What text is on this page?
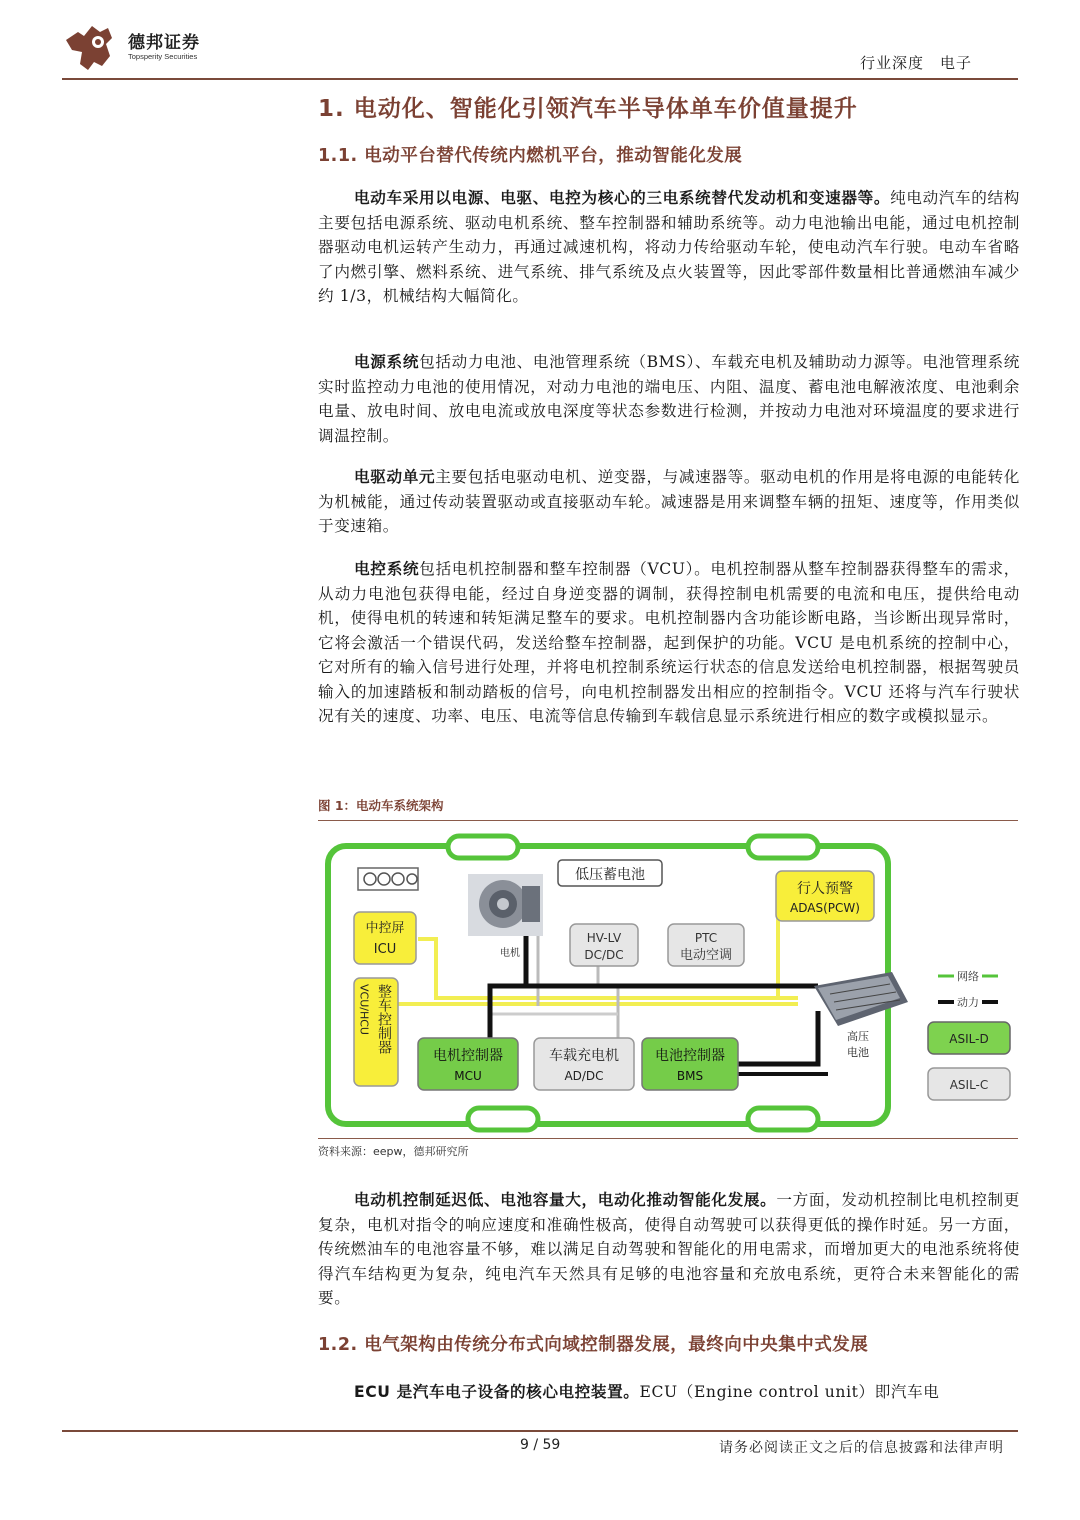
德邦证券
Topsperity Securities	行业深度　电子
1. 电动化、智能化引领汽车半导体单车价值量提升
1.1. 电动平台替代传统内燃机平台，推动智能化发展
电动车采用以电源、电驱、电控为核心的三电系统替代发动机和变速器等。纯电动汽车的结构主要包括电源系统、驱动电机系统、整车控制器和辅助系统等。动力电池输出电能，通过电机控制器驱动电机运转产生动力，再通过减速机构，将动力传给驱动车轮，使电动汽车行驶。电动车省略了内燃引擎、燃料系统、进气系统、排气系统及点火装置等，因此零部件数量相比普通燃油车减少约 1/3，机械结构大幅简化。
电源系统包括动力电池、电池管理系统（BMS）、车载充电机及辅助动力源等。电池管理系统实时监控动力电池的使用情况，对动力电池的端电压、内阻、温度、蓄电池电解液浓度、电池剩余电量、放电时间、放电电流或放电深度等状态参数进行检测，并按动力电池对环境温度的要求进行调温控制。
电驱动单元主要包括电驱动电机、逆变器，与减速器等。驱动电机的作用是将电源的电能转化为机械能，通过传动装置驱动或直接驱动车轮。减速器是用来调整车辆的扭矩、速度等，作用类似于变速箱。
电控系统包括电机控制器和整车控制器（VCU）。电机控制器从整车控制器获得整车的需求，从动力电池包获得电能，经过自身逆变器的调制，获得控制电机需要的电流和电压，提供给电动机，使得电机的转速和转矩满足整车的要求。电机控制器内含功能诊断电路，当诊断出现异常时，它将会激活一个错误代码，发送给整车控制器，起到保护的功能。VCU 是电机系统的控制中心，它对所有的输入信号进行处理，并将电机控制系统运行状态的信息发送给电机控制器，根据驾驶员输入的加速踏板和制动踏板的信号，向电机控制器发出相应的控制指令。VCU 还将与汽车行驶状况有关的速度、功率、电压、电流等信息传输到车载信息显示系统进行相应的数字或模拟显示。
图 1：电动车系统架构
低压蓄电池
电机
行人预警
ADAS(PCW)
中控屏
ICU
HV-LV
DC/DC
PTC
电动空调
整车控制器
VCU/HCU
电机控制器
MCU
车载充电机
AD/DC
电池控制器
BMS
高压
电池
网络
动力
ASIL-D
ASIL-C
资料来源：eepw，德邦研究所
电动机控制延迟低、电池容量大，电动化推动智能化发展。一方面，发动机控制比电机控制更复杂，电机对指令的响应速度和准确性极高，使得自动驾驶可以获得更低的操作时延。另一方面，传统燃油车的电池容量不够，难以满足自动驾驶和智能化的用电需求，而增加更大的电池系统将使得汽车结构更为复杂，纯电汽车天然具有足够的电池容量和充放电系统，更符合未来智能化的需要。
1.2. 电气架构由传统分布式向域控制器发展，最终向中央集中式发展
ECU 是汽车电子设备的核心电控装置。ECU（Engine control unit）即汽车电
9 / 59	请务必阅读正文之后的信息披露和法律声明
